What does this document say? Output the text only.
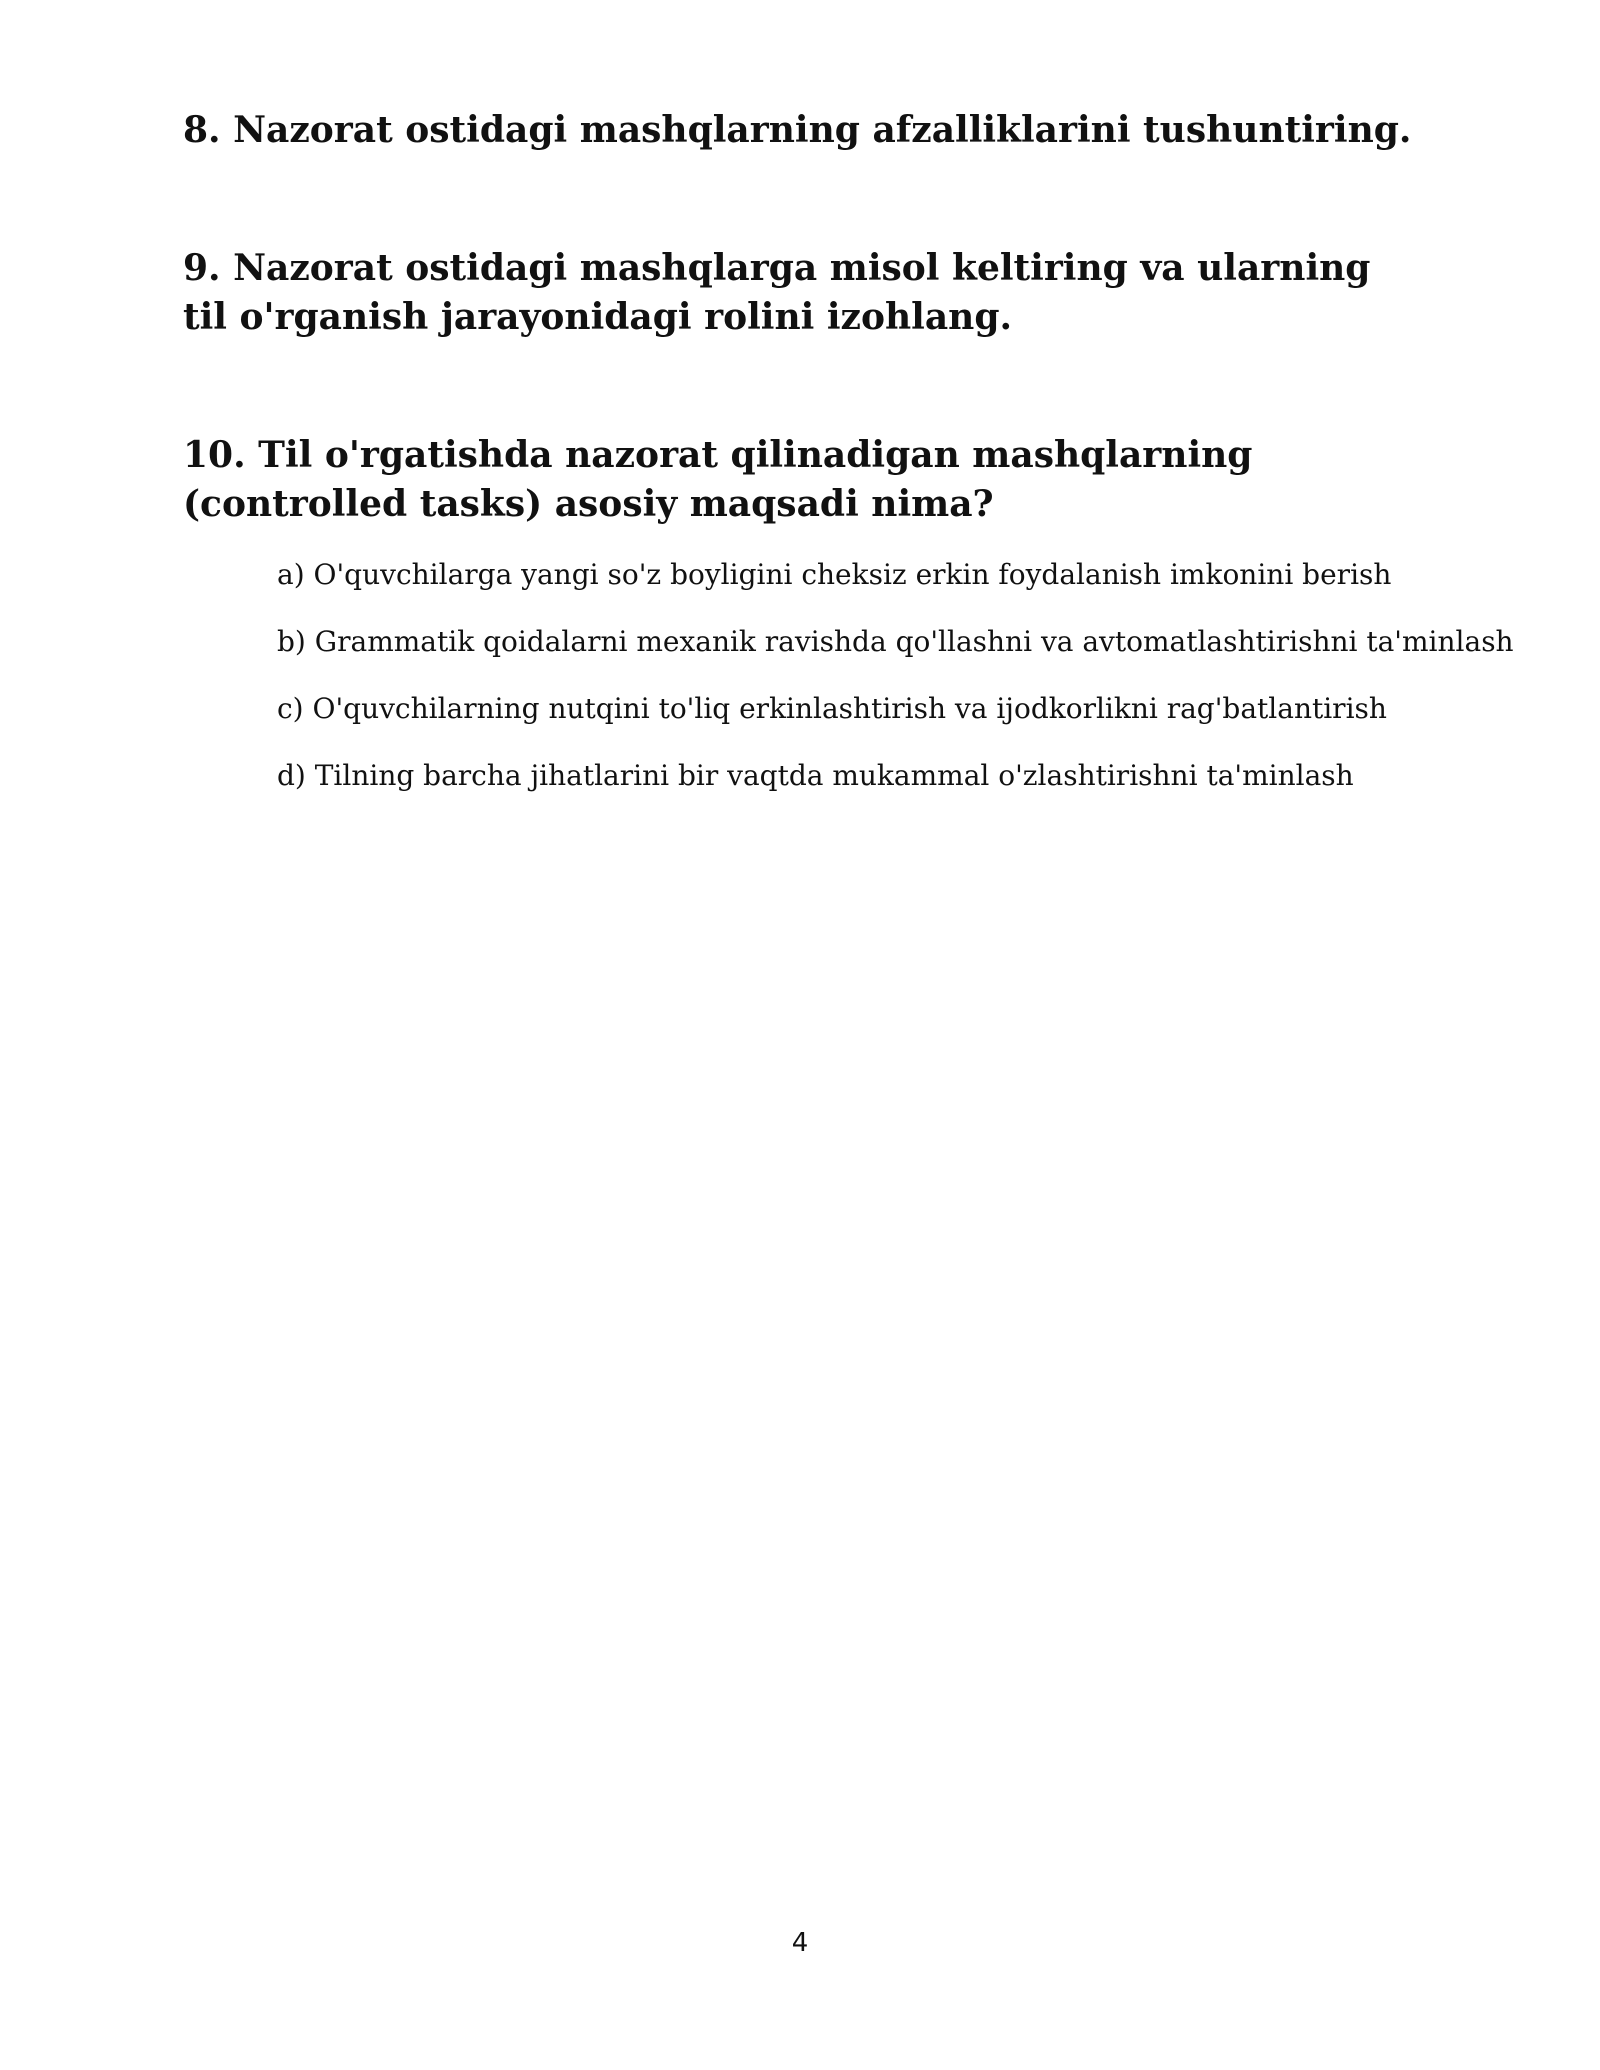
8. Nazorat ostidagi mashqlarning afzalliklarini tushuntiring.

9. Nazorat ostidagi mashqlarga misol keltiring va ularning til o'rganish jarayonidagi rolini izohlang.

10. Til o'rgatishda nazorat qilinadigan mashqlarning (controlled tasks) asosiy maqsadi nima?

a) O'quvchilarga yangi so'z boyligini cheksiz erkin foydalanish imkonini berish
b) Grammatik qoidalarni mexanik ravishda qo'llashni va avtomatlashtirishni ta'minlash
c) O'quvchilarning nutqini to'liq erkinlashtirish va ijodkorlikni rag'batlantirish
d) Tilning barcha jihatlarini bir vaqtda mukammal o'zlashtirishni ta'minlash
4
